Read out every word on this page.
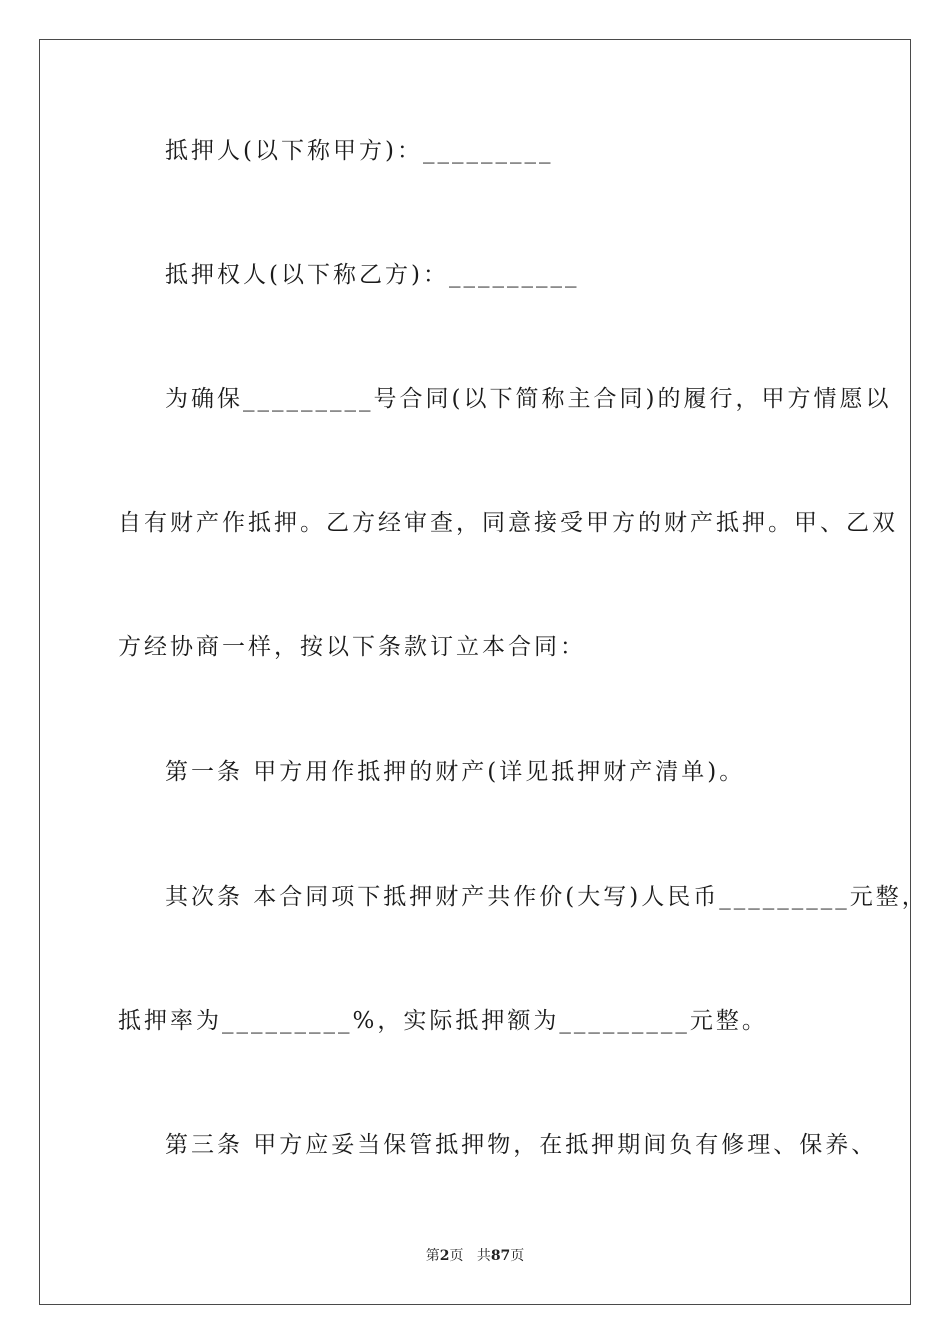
抵押人(以下称甲方)：_________
抵押权人(以下称乙方)：_________
为确保_________号合同(以下简称主合同)的履行，甲方情愿以
自有财产作抵押。乙方经审查，同意接受甲方的财产抵押。甲、乙双
方经协商一样，按以下条款订立本合同：
第一条 甲方用作抵押的财产(详见抵押财产清单)。
其次条 本合同项下抵押财产共作价(大写)人民币_________元整，
抵押率为_________%，实际抵押额为_________元整。
第三条 甲方应妥当保管抵押物，在抵押期间负有修理、保养、
第2页 共87页
